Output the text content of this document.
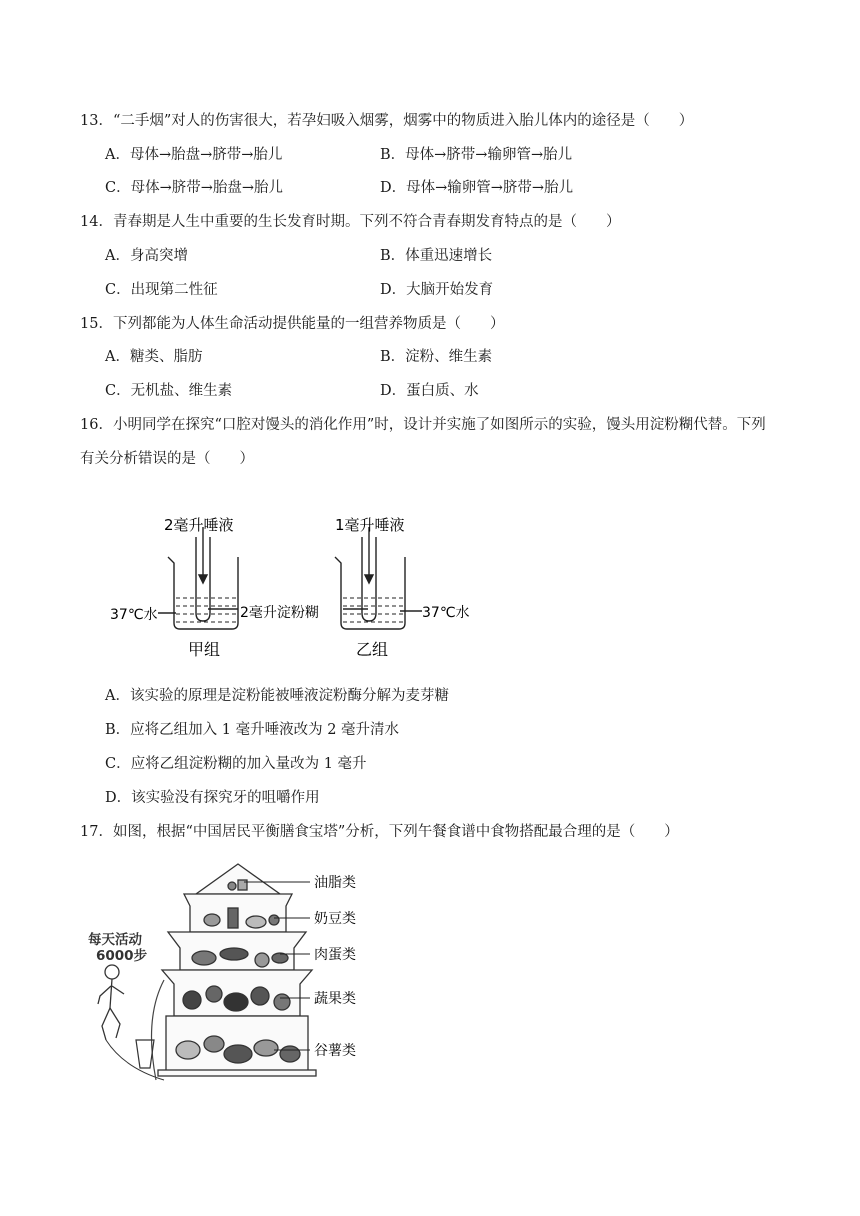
13．“二手烟”对人的伤害很大，若孕妇吸入烟雾，烟雾中的物质进入胎儿体内的途径是（　　）
A．母体→胎盘→脐带→胎儿	B．母体→脐带→输卵管→胎儿
C．母体→脐带→胎盘→胎儿	D．母体→输卵管→脐带→胎儿
14．青春期是人生中重要的生长发育时期。下列不符合青春期发育特点的是（　　）
A．身高突增	B．体重迅速增长
C．出现第二性征	D．大脑开始发育
15．下列都能为人体生命活动提供能量的一组营养物质是（　　）
A．糖类、脂肪	B．淀粉、维生素
C．无机盐、维生素	D．蛋白质、水
16．小明同学在探究“口腔对馒头的消化作用”时，设计并实施了如图所示的实验，馒头用淀粉糊代替。下列
有关分析错误的是（　　）
2毫升唾液	1毫升唾液
37℃水	2毫升淀粉糊	37℃水
甲组	乙组
A．该实验的原理是淀粉能被唾液淀粉酶分解为麦芽糖
B．应将乙组加入 1 毫升唾液改为 2 毫升清水
C．应将乙组淀粉糊的加入量改为 1 毫升
D．该实验没有探究牙的咀嚼作用
17．如图，根据“中国居民平衡膳食宝塔”分析，下列午餐食谱中食物搭配最合理的是（　　）
每天活动
6000步
油脂类
奶豆类
肉蛋类
蔬果类
谷薯类
